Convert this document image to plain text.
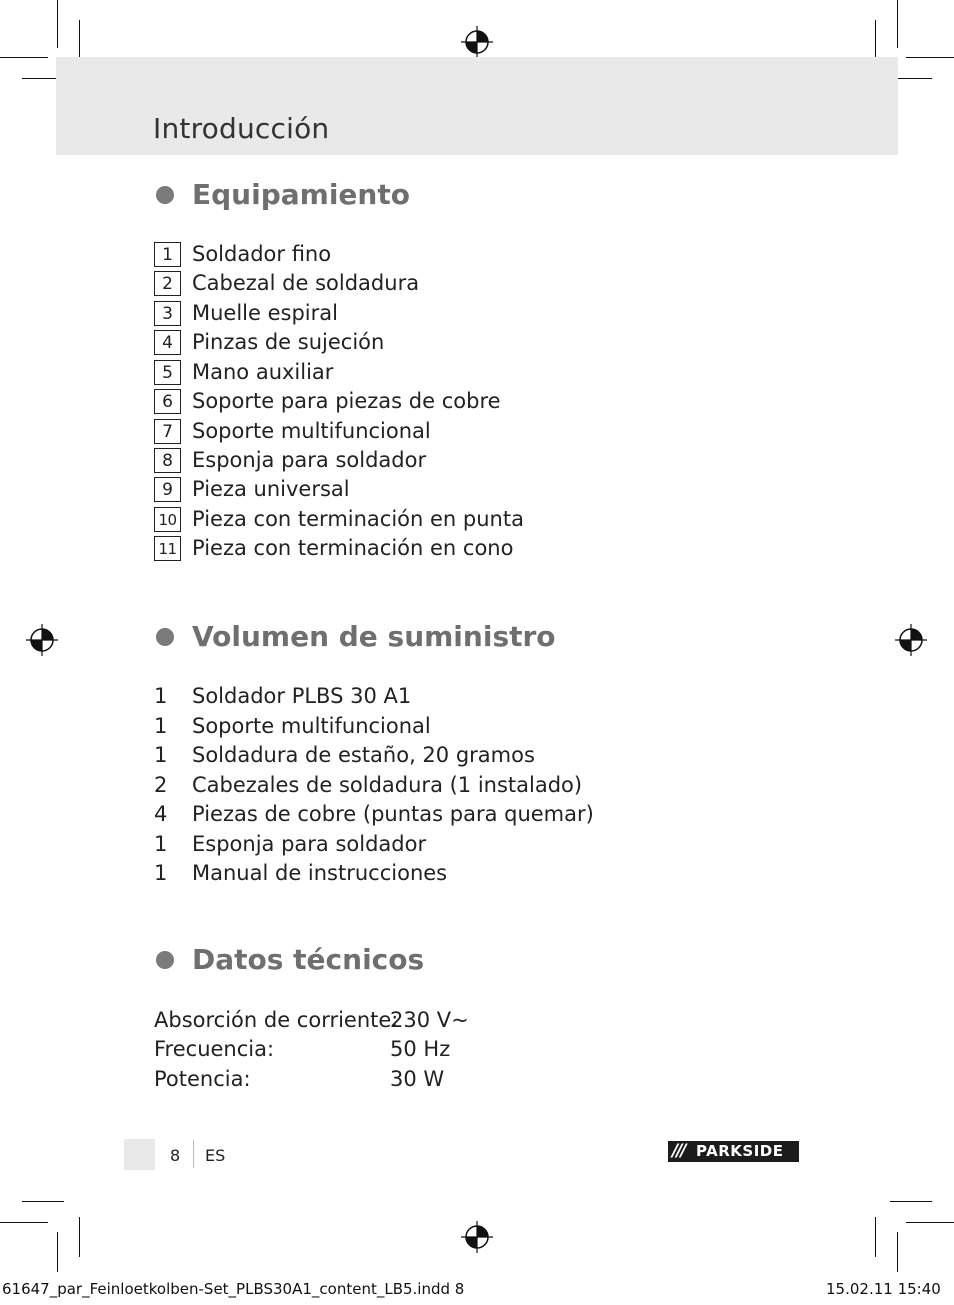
Introducción
Equipamiento
1 Soldador fino
2 Cabezal de soldadura
3 Muelle espiral
4 Pinzas de sujeción
5 Mano auxiliar
6 Soporte para piezas de cobre
7 Soporte multifuncional
8 Esponja para soldador
9 Pieza universal
10 Pieza con terminación en punta
11 Pieza con terminación en cono
Volumen de suministro
1 Soldador PLBS 30 A1
1 Soporte multifuncional
1 Soldadura de estaño, 20 gramos
2 Cabezales de soldadura (1 instalado)
4 Piezas de cobre (puntas para quemar)
1 Esponja para soldador
1 Manual de instrucciones
Datos técnicos
Absorción de corriente:
230 V~
Frecuencia:	50 Hz
Potencia:	30 W
8 ES	/// PARKSIDE
61647_par_Feinloetkolben-Set_PLBS30A1_content_LB5.indd 8	15.02.11 15:40
